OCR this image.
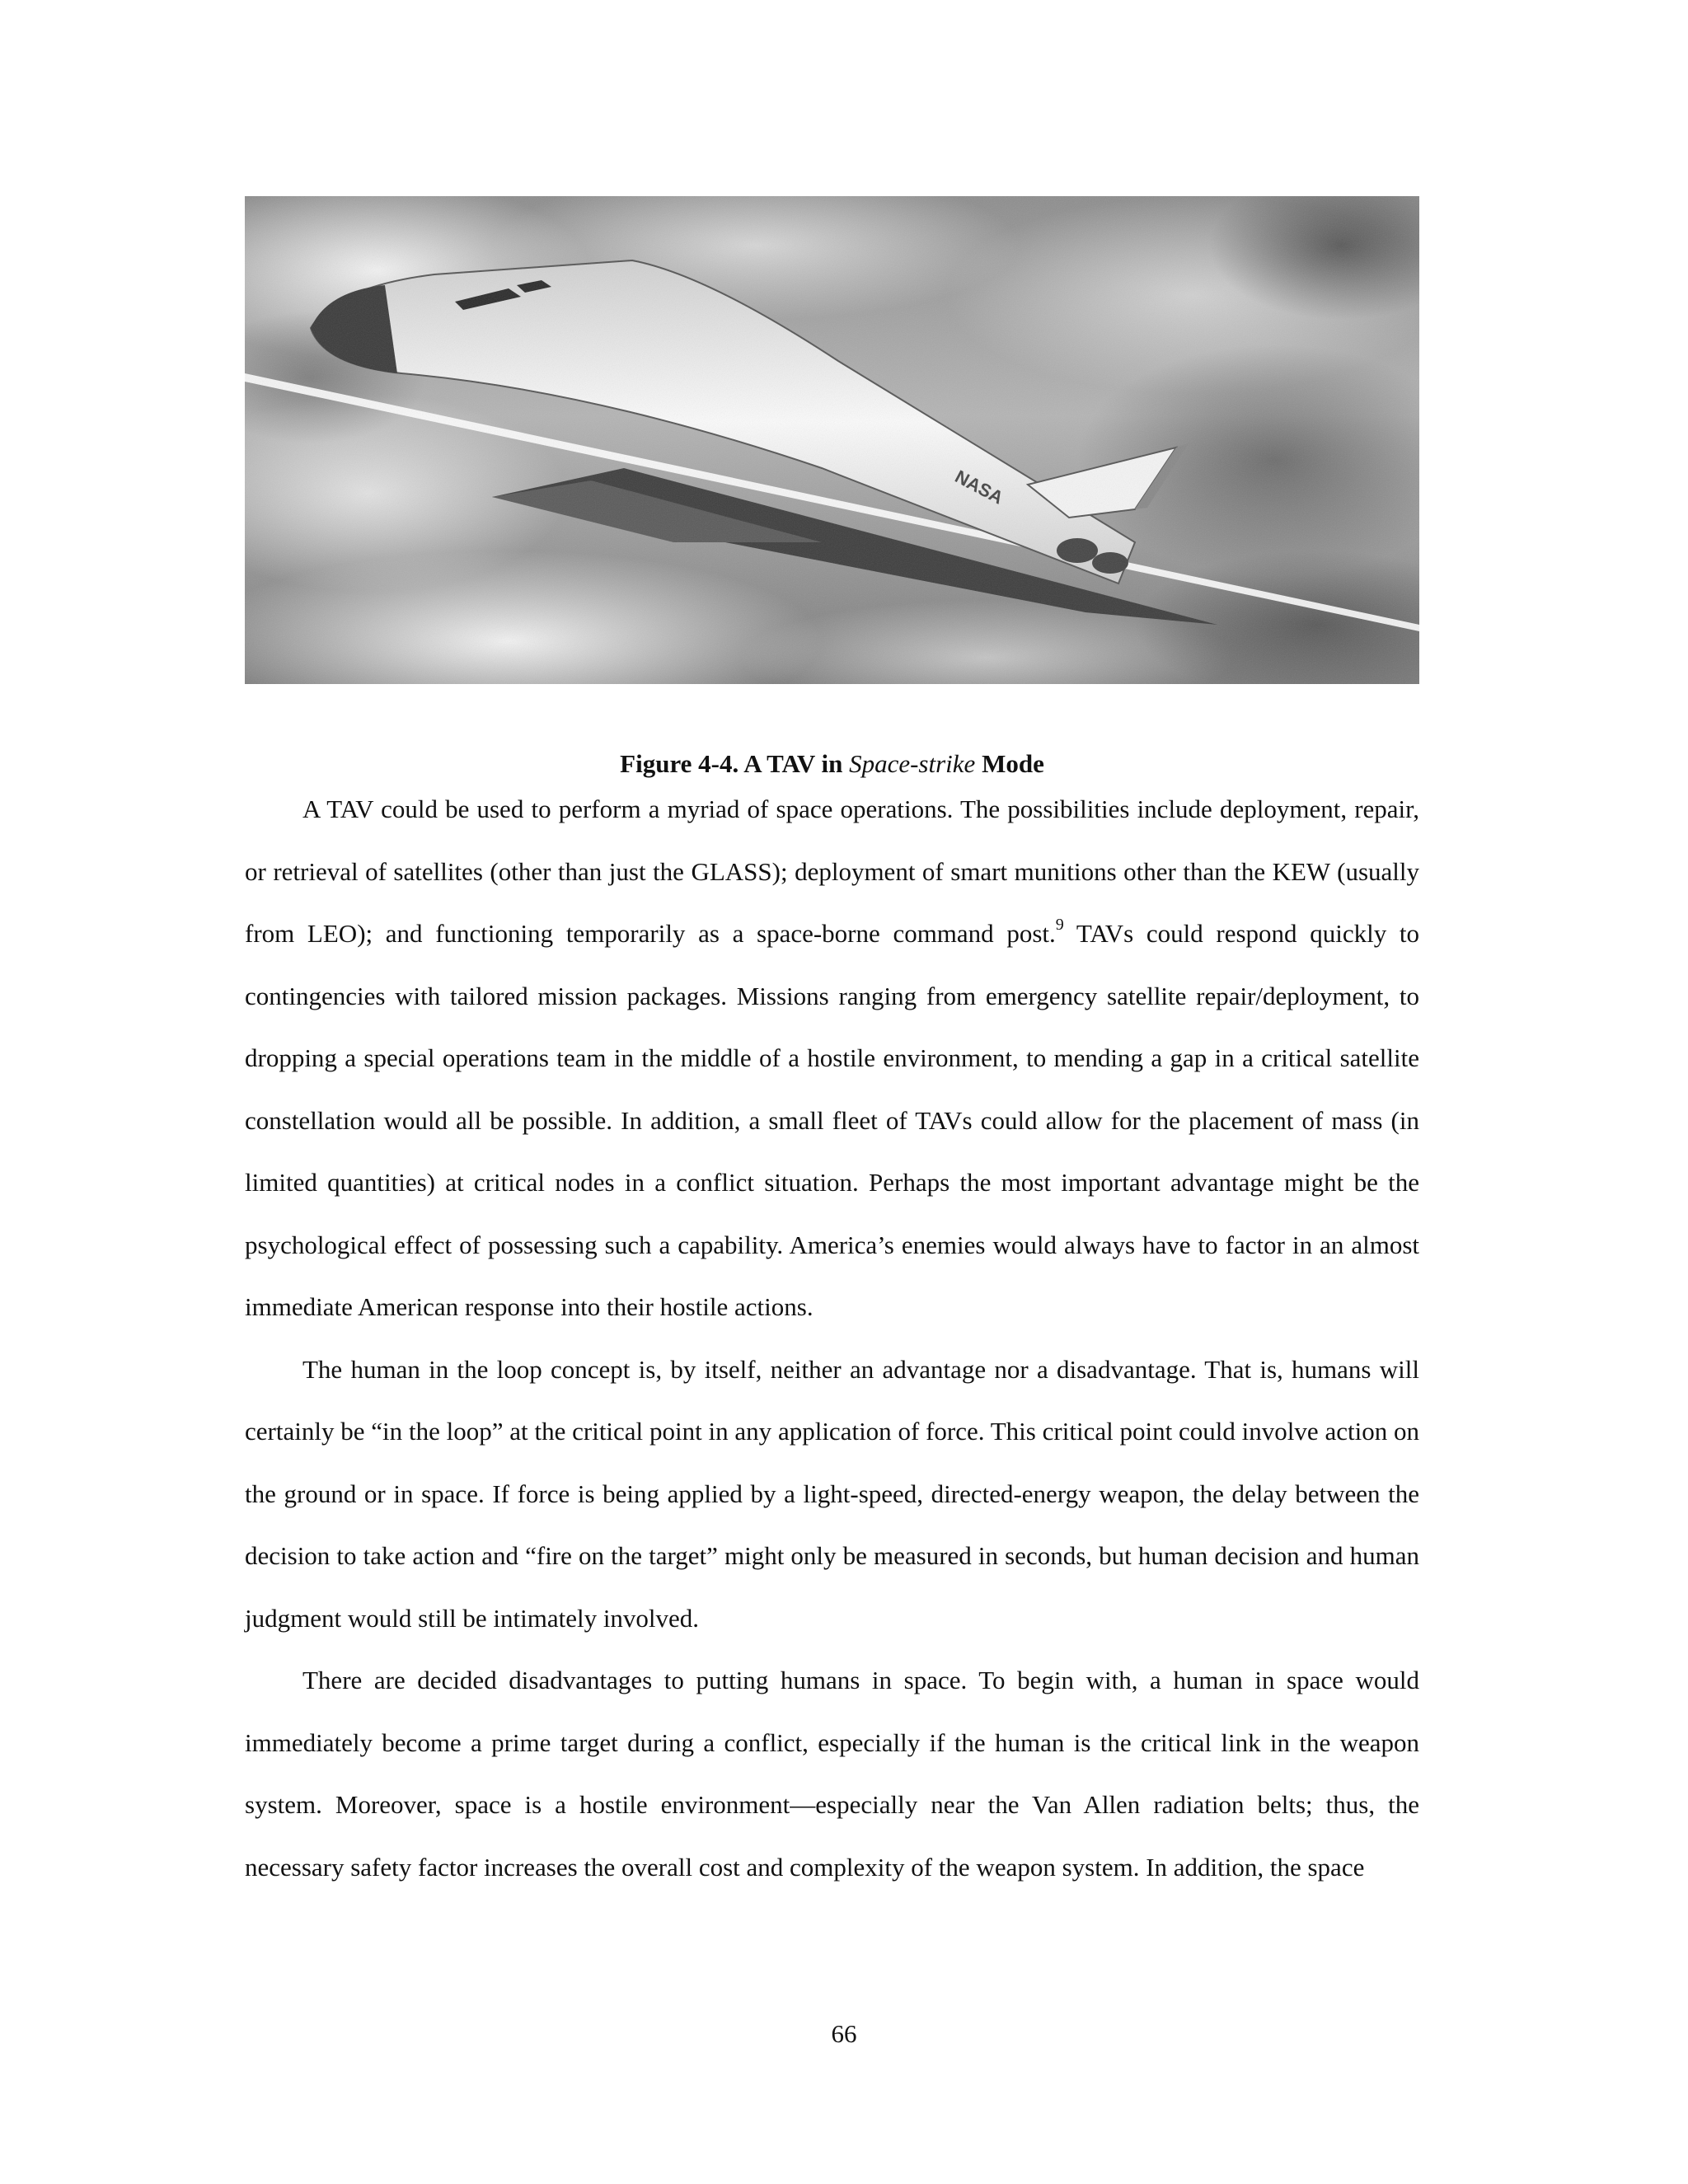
Figure 4-4. A TAV in Space-strike Mode

A TAV could be used to perform a myriad of space operations. The possibilities include deployment, repair, or retrieval of satellites (other than just the GLASS); deployment of smart munitions other than the KEW (usually from LEO); and functioning temporarily as a space-borne command post.$^9$ TAVs could respond quickly to contingencies with tailored mission packages. Missions ranging from emergency satellite repair/deployment, to dropping a special operations team in the middle of a hostile environment, to mending a gap in a critical satellite constellation would all be possible. In addition, a small fleet of TAVs could allow for the placement of mass (in limited quantities) at critical nodes in a conflict situation. Perhaps the most important advantage might be the psychological effect of possessing such a capability. America’s enemies would always have to factor in an almost immediate American response into their hostile actions.

The human in the loop concept is, by itself, neither an advantage nor a disadvantage. That is, humans will certainly be “in the loop” at the critical point in any application of force. This critical point could involve action on the ground or in space. If force is being applied by a light-speed, directed-energy weapon, the delay between the decision to take action and “fire on the target” might only be measured in seconds, but human decision and human judgment would still be intimately involved.

There are decided disadvantages to putting humans in space. To begin with, a human in space would immediately become a prime target during a conflict, especially if the human is the critical link in the weapon system. Moreover, space is a hostile environment—especially near the Van Allen radiation belts; thus, the necessary safety factor increases the overall cost and complexity of the weapon system. In addition, the space

66
